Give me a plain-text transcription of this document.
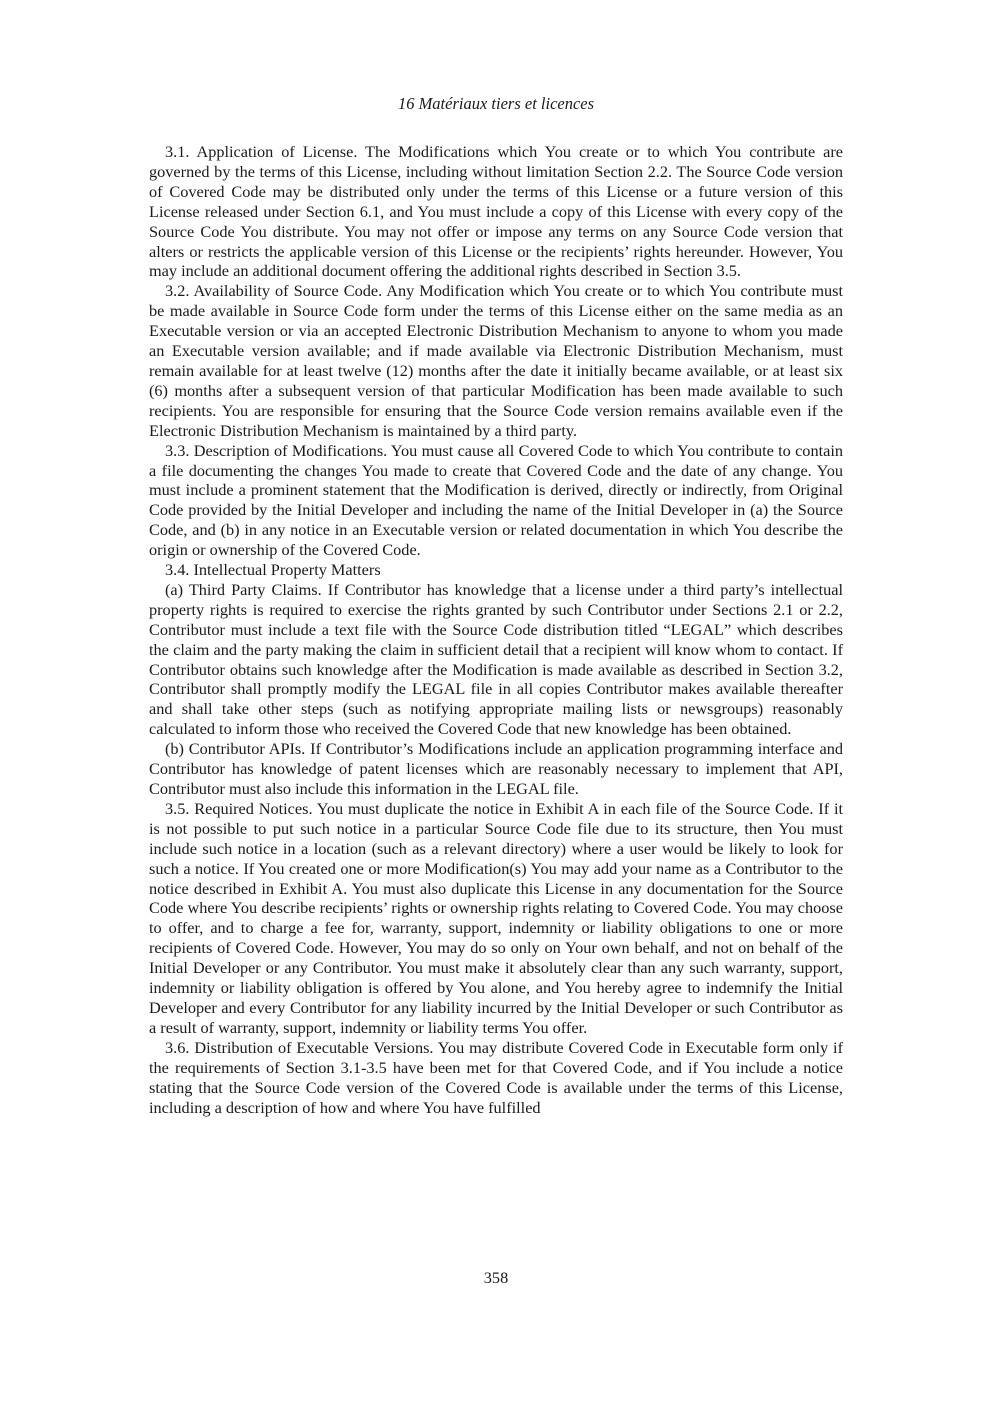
16 Matériaux tiers et licences

3.1. Application of License. The Modifications which You create or to which You contribute are governed by the terms of this License, including without limitation Section 2.2. The Source Code version of Covered Code may be distributed only under the terms of this License or a future version of this License released under Section 6.1, and You must include a copy of this License with every copy of the Source Code You distribute. You may not offer or impose any terms on any Source Code version that alters or restricts the applicable version of this License or the recipients’ rights hereunder. However, You may include an additional document offering the additional rights described in Section 3.5.

3.2. Availability of Source Code. Any Modification which You create or to which You contribute must be made available in Source Code form under the terms of this License either on the same media as an Executable version or via an accepted Electronic Distribution Mechanism to anyone to whom you made an Executable version available; and if made available via Electronic Distribution Mechanism, must remain available for at least twelve (12) months after the date it initially became available, or at least six (6) months after a subsequent version of that particular Modification has been made available to such recipients. You are responsible for ensuring that the Source Code version remains available even if the Electronic Distribution Mechanism is maintained by a third party.

3.3. Description of Modifications. You must cause all Covered Code to which You contribute to contain a file documenting the changes You made to create that Covered Code and the date of any change. You must include a prominent statement that the Modification is derived, directly or indirectly, from Original Code provided by the Initial Developer and including the name of the Initial Developer in (a) the Source Code, and (b) in any notice in an Executable version or related documentation in which You describe the origin or ownership of the Covered Code.

3.4. Intellectual Property Matters

(a) Third Party Claims. If Contributor has knowledge that a license under a third party’s intellectual property rights is required to exercise the rights granted by such Contributor under Sections 2.1 or 2.2, Contributor must include a text file with the Source Code distribution titled “LEGAL” which describes the claim and the party making the claim in sufficient detail that a recipient will know whom to contact. If Contributor obtains such knowledge after the Modification is made available as described in Section 3.2, Contributor shall promptly modify the LEGAL file in all copies Contributor makes available thereafter and shall take other steps (such as notifying appropriate mailing lists or newsgroups) reasonably calculated to inform those who received the Covered Code that new knowledge has been obtained.

(b) Contributor APIs. If Contributor’s Modifications include an application programming interface and Contributor has knowledge of patent licenses which are reasonably necessary to implement that API, Contributor must also include this information in the LEGAL file.

3.5. Required Notices. You must duplicate the notice in Exhibit A in each file of the Source Code. If it is not possible to put such notice in a particular Source Code file due to its structure, then You must include such notice in a location (such as a relevant directory) where a user would be likely to look for such a notice. If You created one or more Modification(s) You may add your name as a Contributor to the notice described in Exhibit A. You must also duplicate this License in any documentation for the Source Code where You describe recipients’ rights or ownership rights relating to Covered Code. You may choose to offer, and to charge a fee for, warranty, support, indemnity or liability obligations to one or more recipients of Covered Code. However, You may do so only on Your own behalf, and not on behalf of the Initial Developer or any Contributor. You must make it absolutely clear than any such warranty, support, indemnity or liability obligation is offered by You alone, and You hereby agree to indemnify the Initial Developer and every Contributor for any liability incurred by the Initial Developer or such Contributor as a result of warranty, support, indemnity or liability terms You offer.

3.6. Distribution of Executable Versions. You may distribute Covered Code in Executable form only if the requirements of Section 3.1-3.5 have been met for that Covered Code, and if You include a notice stating that the Source Code version of the Covered Code is available under the terms of this License, including a description of how and where You have fulfilled

358
